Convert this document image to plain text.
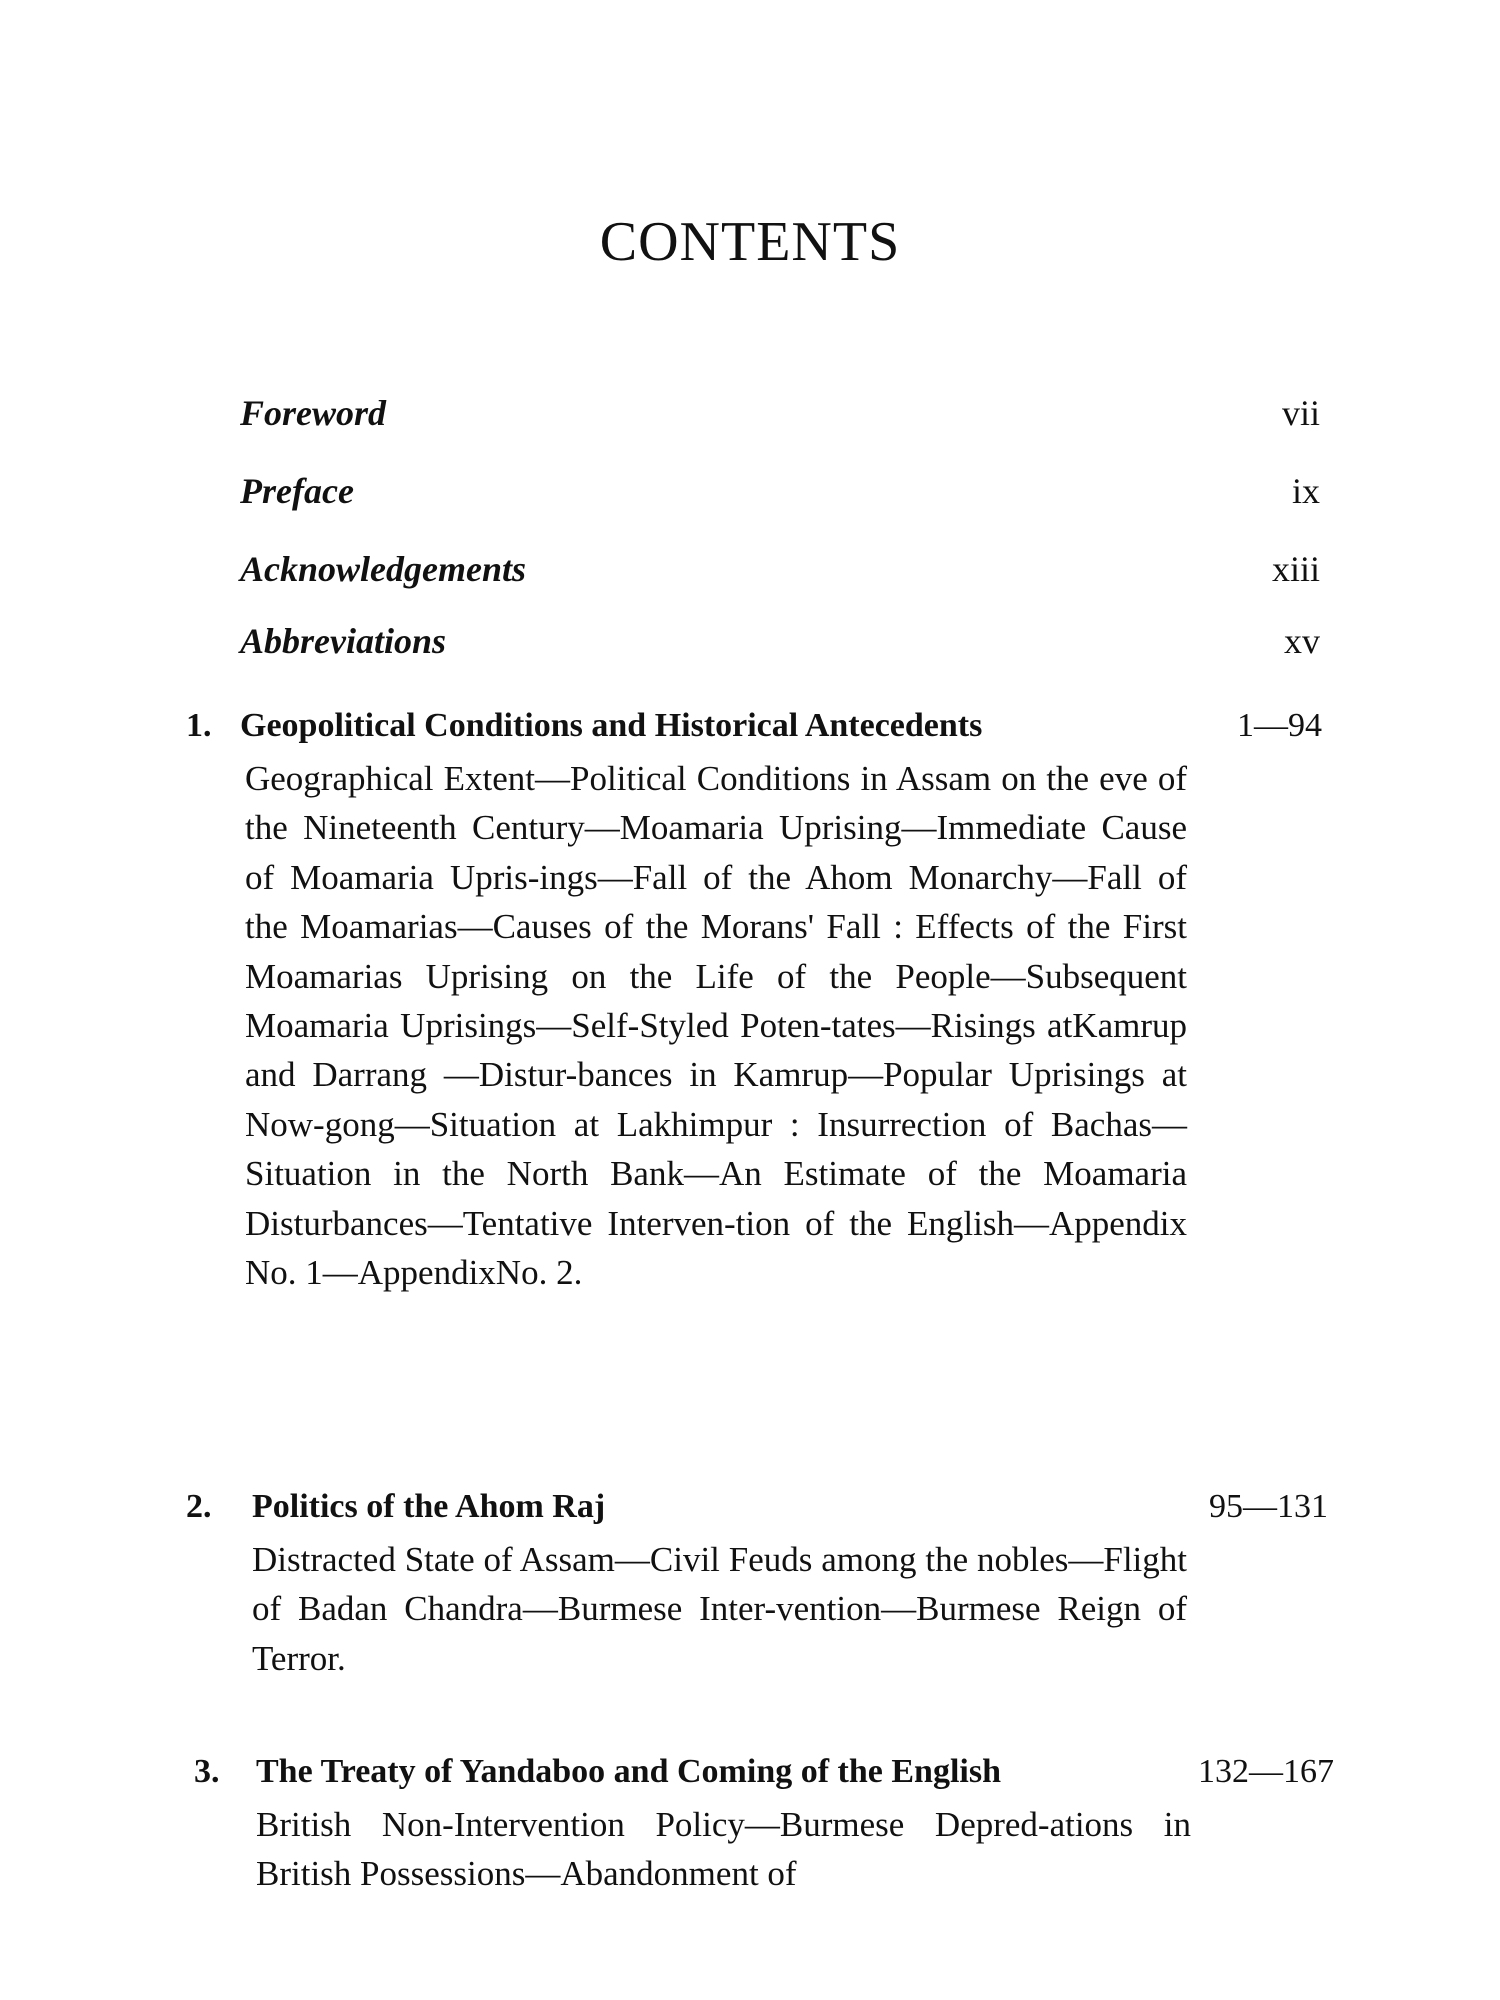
CONTENTS
Foreword	vii
Preface	ix
Acknowledgements	xiii
Abbreviations	xv
1. Geopolitical Conditions and Historical Antecedents	1—94
Geographical Extent—Political Conditions in Assam on the eve of the Nineteenth Century—Moamaria Uprising—Immediate Cause of Moamaria Upris-ings—Fall of the Ahom Monarchy—Fall of the Moamarias—Causes of the Morans' Fall : Effects of the First Moamarias Uprising on the Life of the People—Subsequent Moamaria Uprisings—Self-Styled Poten-tates—Risings atKamrup and Darrang —Distur-bances in Kamrup—Popular Uprisings at Now-gong—Situation at Lakhimpur : Insurrection of Bachas—Situation in the North Bank—An Estimate of the Moamaria Disturbances—Tentative Interven-tion of the English—Appendix No. 1—AppendixNo. 2.
2. Politics of the Ahom Raj	95—131
Distracted State of Assam—Civil Feuds among the nobles—Flight of Badan Chandra—Burmese Inter-vention—Burmese Reign of Terror.
3. The Treaty of Yandaboo and Coming of the English	132—167
British Non-Intervention Policy—Burmese Depred-ations in British Possessions—Abandonment of
